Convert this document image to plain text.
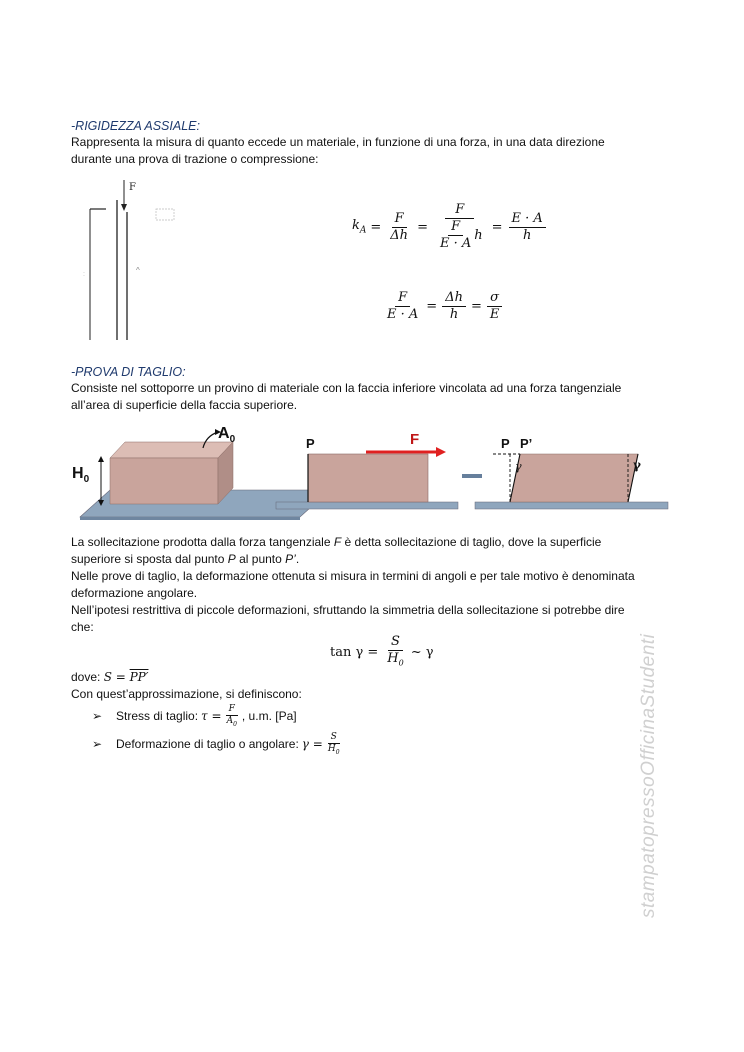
-RIGIDEZZA ASSIALE:
Rappresenta la misura di quanto eccede un materiale, in funzione di una forza, in una data direzione
durante una prova di trazione o compressione:
F
:	^
$k_A = \frac{F}{\Delta h} = \frac{F}{\frac{F}{E \cdot A} h} = \frac{E \cdot A}{h}$
$\frac{F}{E \cdot A} = \frac{\Delta h}{h} = \frac{\sigma}{E}$
-PROVA DI TAGLIO:
Consiste nel sottoporre un provino di materiale con la faccia inferiore vincolata ad una forza tangenziale
all’area di superficie della faccia superiore.
$H_0$
$A_0$	P	F	P P’
γ	γ
La sollecitazione prodotta dalla forza tangenziale F è detta sollecitazione di taglio, dove la superficie
superiore si sposta dal punto P al punto P’.
Nelle prove di taglio, la deformazione ottenuta si misura in termini di angoli e per tale motivo è denominata
deformazione angolare.
Nell’ipotesi restrittiva di piccole deformazioni, sfruttando la simmetria della sollecitazione si potrebbe dire
che:
$\tan \gamma = \frac{S}{H_0}$ ~ γ
dove: S = PP′
Con quest’approssimazione, si definiscono:
➢	Stress di taglio: $\tau = \frac{F}{A_0}$ , u.m. [Pa]
➢	Deformazione di taglio o angolare: $\gamma = \frac{S}{H_0}$	stampatopressoOfficinaStudenti
